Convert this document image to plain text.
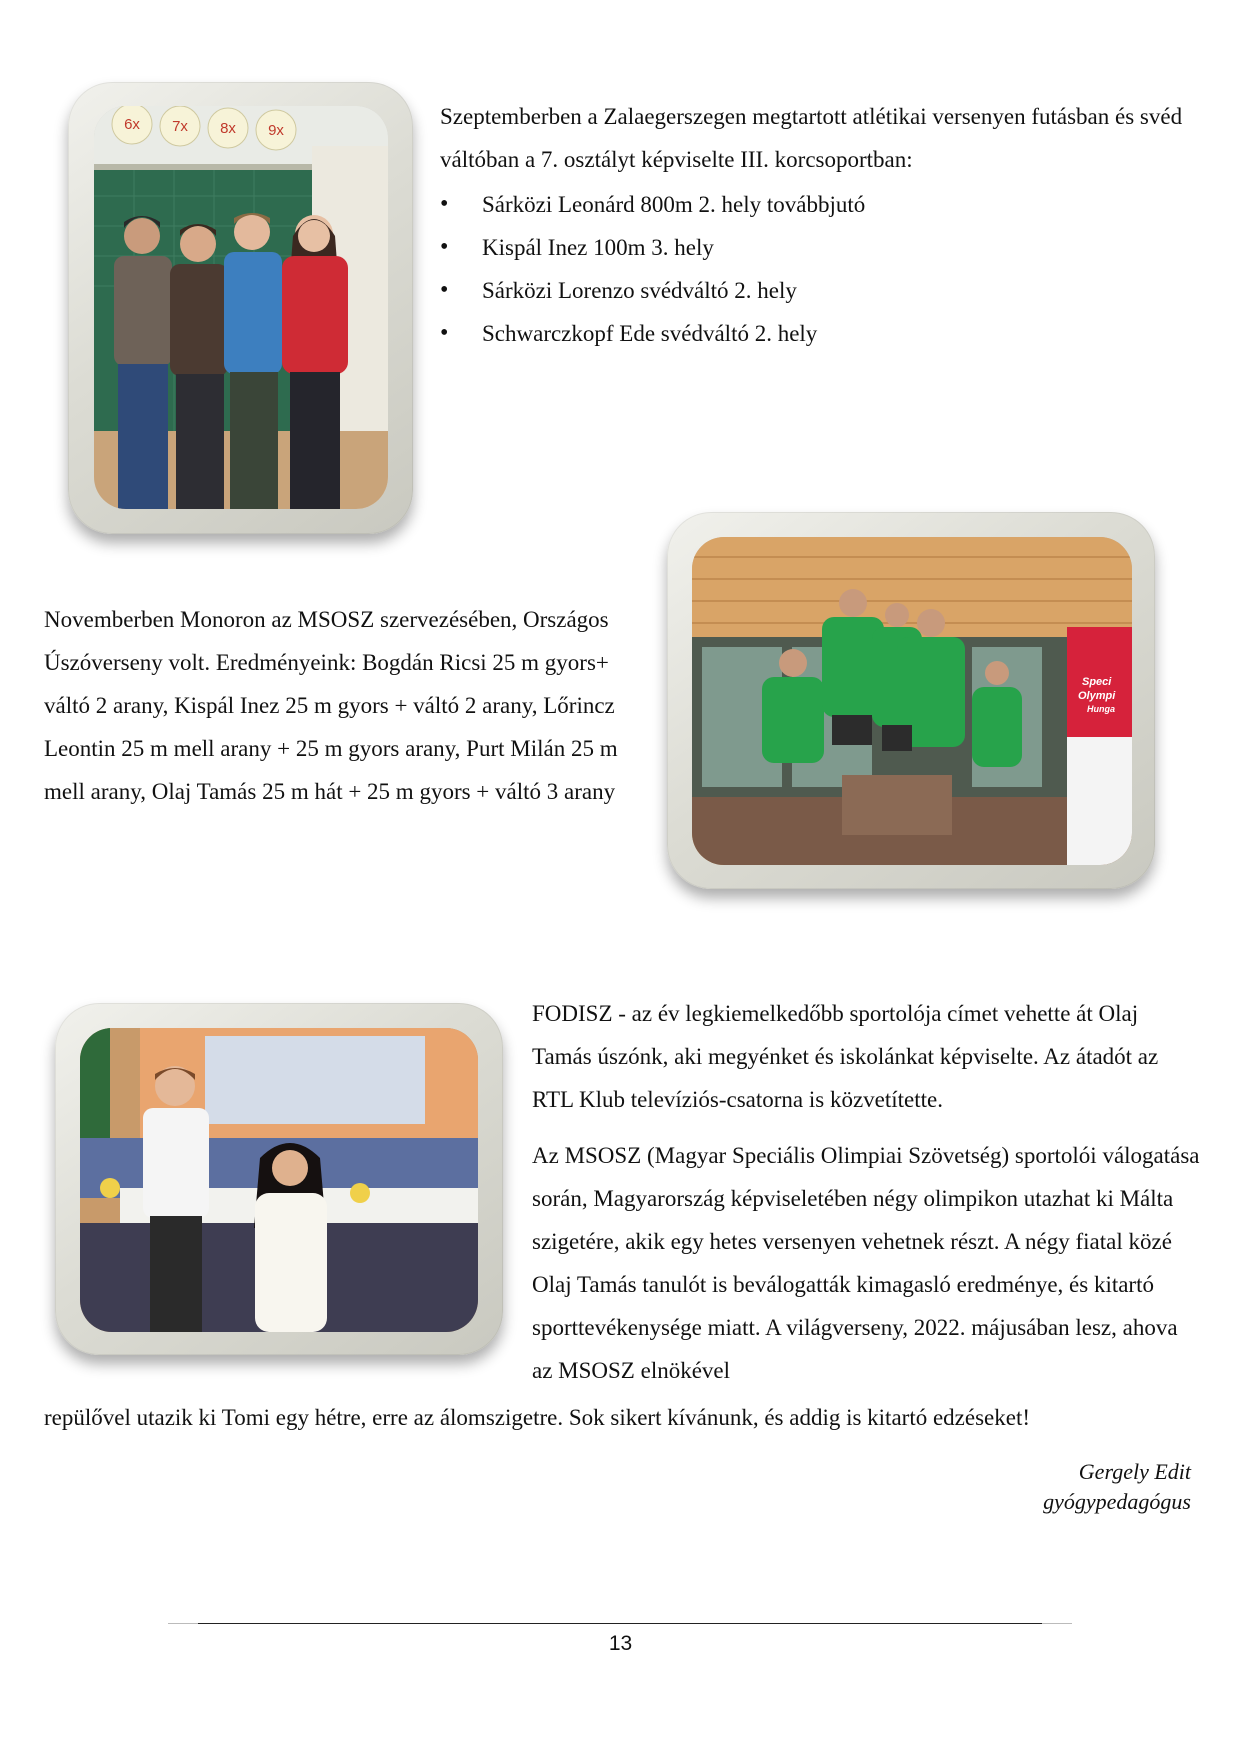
6x 7x 8x 9x

Szeptemberben a Zalaegerszegen megtartott atlétikai versenyen futásban és svéd váltóban a 7. osztályt képviselte III. korcsoportban:

• Sárközi Leonárd 800m 2. hely továbbjutó
• Kispál Inez 100m 3. hely
• Sárközi Lorenzo svédváltó 2. hely
• Schwarczkopf Ede svédváltó 2. hely
Speci
Olympi
Hunga

Novemberben Monoron az MSOSZ szervezésében, Országos Úszóverseny volt. Eredményeink: Bogdán Ricsi 25 m gyors+ váltó 2 arany, Kispál Inez 25 m gyors + váltó 2 arany, Lőrincz Leontin 25 m mell arany + 25 m gyors arany, Purt Milán 25 m mell arany, Olaj Tamás 25 m hát + 25 m gyors + váltó 3 arany

FODISZ - az év legkiemelkedőbb sportolója címet vehette át Olaj Tamás úszónk, aki megyénket és iskolánkat képviselte. Az átadót az RTL Klub televíziós-csatorna is közvetítette.

Az MSOSZ (Magyar Speciális Olimpiai Szövetség) sportolói válogatása során, Magyarország képviseletében négy olimpikon utazhat ki Málta szigetére, akik egy hetes versenyen vehetnek részt. A négy fiatal közé Olaj Tamás tanulót is beválogatták kimagasló eredménye, és kitartó sporttevékenysége miatt. A világverseny, 2022. májusában lesz, ahova az MSOSZ elnökével

repülővel utazik ki Tomi egy hétre, erre az álomszigetre. Sok sikert kívánunk, és addig is kitartó edzéseket!

Gergely Edit
gyógypedagógus
13
